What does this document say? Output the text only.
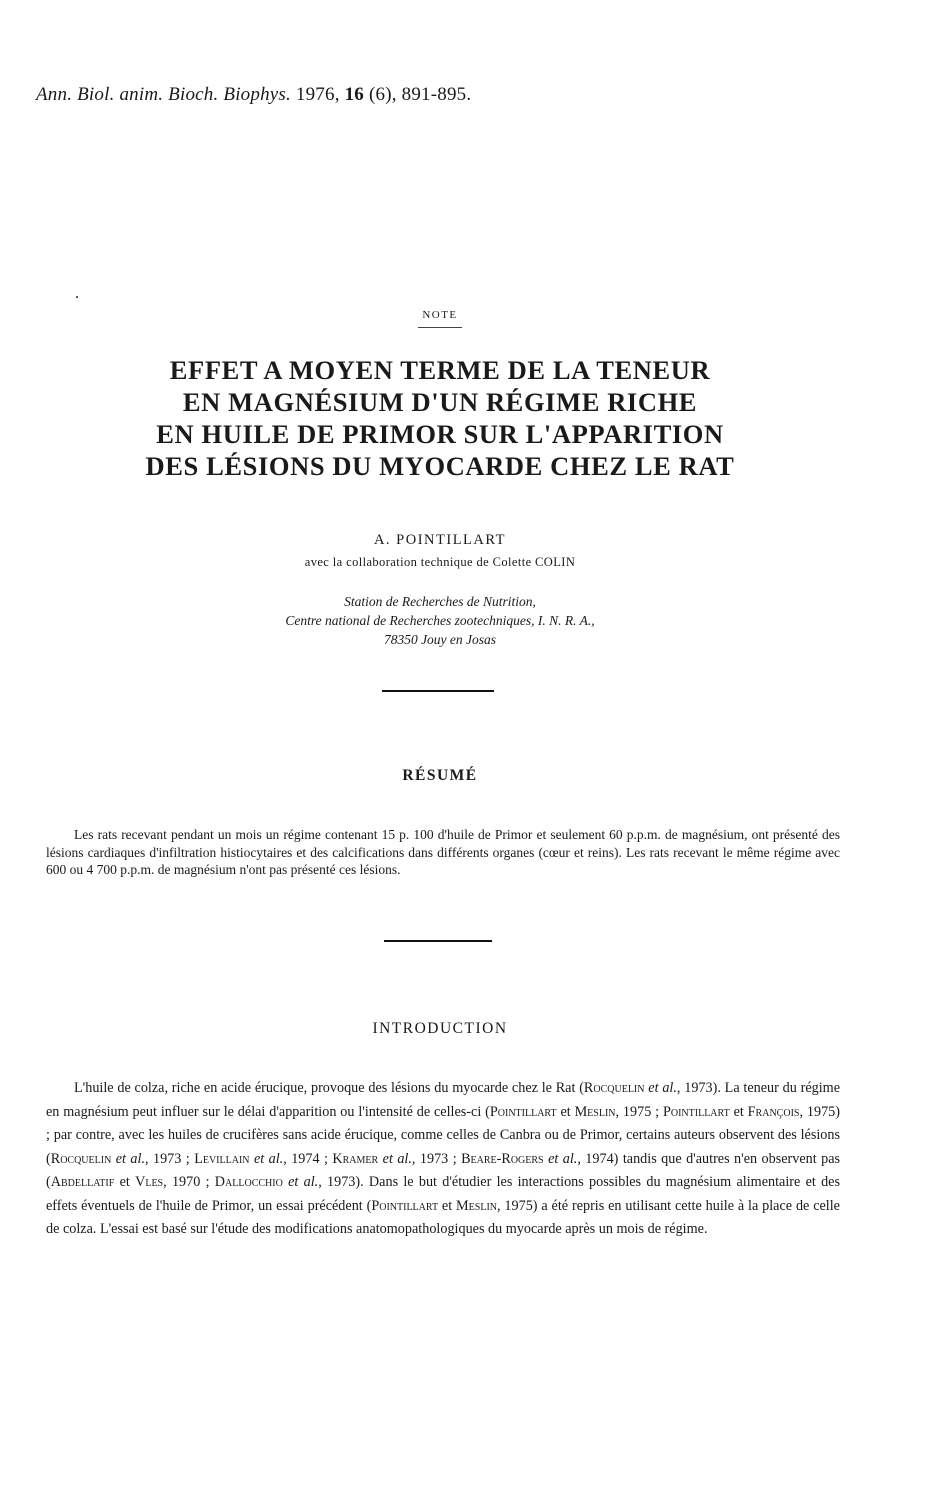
Ann. Biol. anim. Bioch. Biophys. 1976, 16 (6), 891-895.
NOTE
EFFET A MOYEN TERME DE LA TENEUR
EN MAGNÉSIUM D'UN RÉGIME RICHE
EN HUILE DE PRIMOR SUR L'APPARITION
DES LÉSIONS DU MYOCARDE CHEZ LE RAT
A. POINTILLART
avec la collaboration technique de Colette COLIN
Station de Recherches de Nutrition,
Centre national de Recherches zootechniques, I. N. R. A.,
78350 Jouy en Josas
RÉSUMÉ

Les rats recevant pendant un mois un régime contenant 15 p. 100 d'huile de Primor et seulement 60 p.p.m. de magnésium, ont présenté des lésions cardiaques d'infiltration histiocytaires et des calcifications dans différents organes (cœur et reins). Les rats recevant le même régime avec 600 ou 4 700 p.p.m. de magnésium n'ont pas présenté ces lésions.

INTRODUCTION

L'huile de colza, riche en acide érucique, provoque des lésions du myocarde chez le Rat (Rocquelin et al., 1973). La teneur du régime en magnésium peut influer sur le délai d'apparition ou l'intensité de celles-ci (Pointillart et Meslin, 1975 ; Pointillart et François, 1975) ; par contre, avec les huiles de crucifères sans acide érucique, comme celles de Canbra ou de Primor, certains auteurs observent des lésions (Rocquelin et al., 1973 ; Levillain et al., 1974 ; Kramer et al., 1973 ; Beare-Rogers et al., 1974) tandis que d'autres n'en observent pas (Abdellatif et Vles, 1970 ; Dallocchio et al., 1973). Dans le but d'étudier les interactions possibles du magnésium alimentaire et des effets éventuels de l'huile de Primor, un essai précédent (Pointillart et Meslin, 1975) a été repris en utilisant cette huile à la place de celle de colza. L'essai est basé sur l'étude des modifications anatomopathologiques du myocarde après un mois de régime.
